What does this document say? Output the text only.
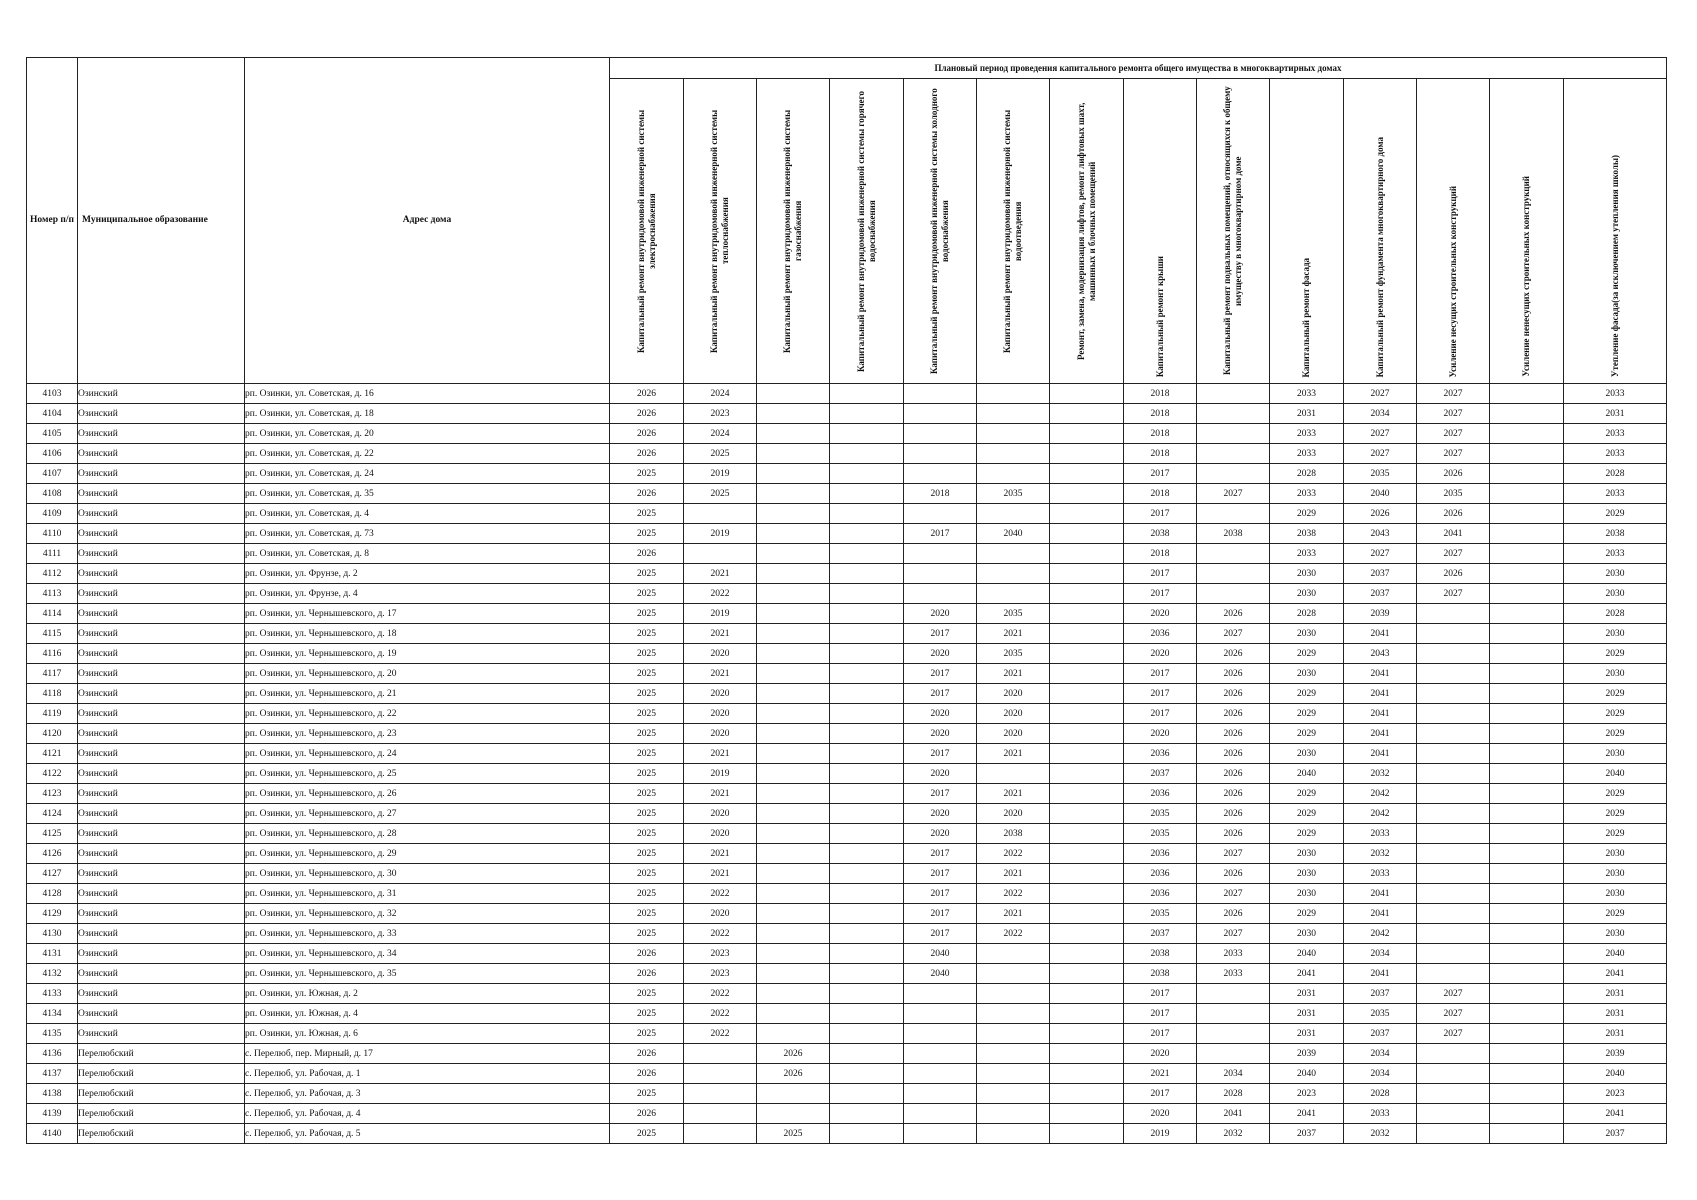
Номер п/п	Муниципальное образование	Адрес дома	Плановый период проведения капитального ремонта общего имущества в многоквартирных домах													

			Капитальный ремонт внутридомовой инженерной системы электроснабжения	Капитальный ремонт внутридомовой инженерной системы теплоснабжения	Капитальный ремонт внутридомовой инженерной системы газоснабжения	Капитальный ремонт внутридомовой инженерной системы горячего водоснабжения	Капитальный ремонт внутридомовой инженерной системы холодного водоснабжения	Капитальный ремонт внутридомовой инженерной системы водоотведения	Ремонт, замена, модернизация лифтов, ремонт лифтовых шахт, машинных и блочных помещений	Капитальный ремонт крыши	Капитальный ремонт подвальных помещений, относящихся к общему имуществу в многоквартирном доме	Капитальный ремонт фасада	Капитальный ремонт фундамента многоквартирного дома	Усиление несущих строительных конструкций	Усиление ненесущих строительных конструкций	Утепление фасада(за исключением утепления школы)

4103	Озинский	рп. Озинки, ул. Советская, д. 16	2026	2024						2018		2033	2027	2027		2033
4104	Озинский	рп. Озинки, ул. Советская, д. 18	2026	2023						2018		2031	2034	2027		2031
4105	Озинский	рп. Озинки, ул. Советская, д. 20	2026	2024						2018		2033	2027	2027		2033
4106	Озинский	рп. Озинки, ул. Советская, д. 22	2026	2025						2018		2033	2027	2027		2033
4107	Озинский	рп. Озинки, ул. Советская, д. 24	2025	2019						2017		2028	2035	2026		2028
4108	Озинский	рп. Озинки, ул. Советская, д. 35	2026	2025			2018	2035		2018	2027	2033	2040	2035		2033
4109	Озинский	рп. Озинки, ул. Советская, д. 4	2025							2017		2029	2026	2026		2029
4110	Озинский	рп. Озинки, ул. Советская, д. 73	2025	2019			2017	2040		2038	2038	2038	2043	2041		2038
4111	Озинский	рп. Озинки, ул. Советская, д. 8	2026							2018		2033	2027	2027		2033
4112	Озинский	рп. Озинки, ул. Фрунзе, д. 2	2025	2021						2017		2030	2037	2026		2030
4113	Озинский	рп. Озинки, ул. Фрунзе, д. 4	2025	2022						2017		2030	2037	2027		2030
4114	Озинский	рп. Озинки, ул. Чернышевского, д. 17	2025	2019			2020	2035		2020	2026	2028	2039			2028
4115	Озинский	рп. Озинки, ул. Чернышевского, д. 18	2025	2021			2017	2021		2036	2027	2030	2041			2030
4116	Озинский	рп. Озинки, ул. Чернышевского, д. 19	2025	2020			2020	2035		2020	2026	2029	2043			2029
4117	Озинский	рп. Озинки, ул. Чернышевского, д. 20	2025	2021			2017	2021		2017	2026	2030	2041			2030
4118	Озинский	рп. Озинки, ул. Чернышевского, д. 21	2025	2020			2017	2020		2017	2026	2029	2041			2029
4119	Озинский	рп. Озинки, ул. Чернышевского, д. 22	2025	2020			2020	2020		2017	2026	2029	2041			2029
4120	Озинский	рп. Озинки, ул. Чернышевского, д. 23	2025	2020			2020	2020		2020	2026	2029	2041			2029
4121	Озинский	рп. Озинки, ул. Чернышевского, д. 24	2025	2021			2017	2021		2036	2026	2030	2041			2030
4122	Озинский	рп. Озинки, ул. Чернышевского, д. 25	2025	2019			2020			2037	2026	2040	2032			2040
4123	Озинский	рп. Озинки, ул. Чернышевского, д. 26	2025	2021			2017	2021		2036	2026	2029	2042			2029
4124	Озинский	рп. Озинки, ул. Чернышевского, д. 27	2025	2020			2020	2020		2035	2026	2029	2042			2029
4125	Озинский	рп. Озинки, ул. Чернышевского, д. 28	2025	2020			2020	2038		2035	2026	2029	2033			2029
4126	Озинский	рп. Озинки, ул. Чернышевского, д. 29	2025	2021			2017	2022		2036	2027	2030	2032			2030
4127	Озинский	рп. Озинки, ул. Чернышевского, д. 30	2025	2021			2017	2021		2036	2026	2030	2033			2030
4128	Озинский	рп. Озинки, ул. Чернышевского, д. 31	2025	2022			2017	2022		2036	2027	2030	2041			2030
4129	Озинский	рп. Озинки, ул. Чернышевского, д. 32	2025	2020			2017	2021		2035	2026	2029	2041			2029
4130	Озинский	рп. Озинки, ул. Чернышевского, д. 33	2025	2022			2017	2022		2037	2027	2030	2042			2030
4131	Озинский	рп. Озинки, ул. Чернышевского, д. 34	2026	2023			2040			2038	2033	2040	2034			2040
4132	Озинский	рп. Озинки, ул. Чернышевского, д. 35	2026	2023			2040			2038	2033	2041	2041			2041
4133	Озинский	рп. Озинки, ул. Южная, д. 2	2025	2022						2017		2031	2037	2027		2031
4134	Озинский	рп. Озинки, ул. Южная, д. 4	2025	2022						2017		2031	2035	2027		2031
4135	Озинский	рп. Озинки, ул. Южная, д. 6	2025	2022						2017		2031	2037	2027		2031
4136	Перелюбский	с. Перелюб, пер. Мирный, д. 17	2026		2026					2020		2039	2034			2039
4137	Перелюбский	с. Перелюб, ул. Рабочая, д. 1	2026		2026					2021	2034	2040	2034			2040
4138	Перелюбский	с. Перелюб, ул. Рабочая, д. 3	2025							2017	2028	2023	2028			2023
4139	Перелюбский	с. Перелюб, ул. Рабочая, д. 4	2026							2020	2041	2041	2033			2041
4140	Перелюбский	с. Перелюб, ул. Рабочая, д. 5	2025		2025					2019	2032	2037	2032			2037
